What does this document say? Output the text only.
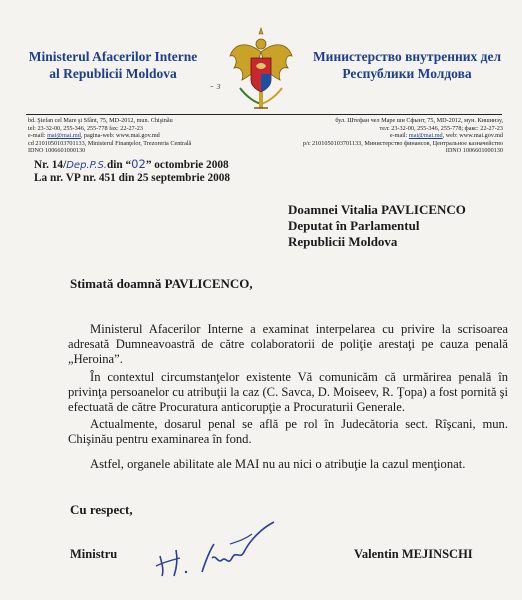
Ministerul Afacerilor Interne
al Republicii Moldova
- з
Министерство внутренних дел
Республики Молдова
bd. Ştefan cel Mare şi Sfânt, 75, MD-2012, mun. Chişinău
tel: 23-32-00, 255-346, 255-778 fax: 22-27-23
e-mail: mai@mai.md, pagina-web: www.mai.gov.md
cd 2101050103701133, Ministerul Finanţelor, Trezoreria Centrală
IDNO 1006601000130
бул. Штефан чел Маре шн Сфынт, 75, MD-2012, мун. Кишинэу,
тел: 23-32-00, 255-346, 255-778; факс: 22-27-23
e-mail: mai@mai.md, web: www.mai.gov.md
р/с 2101050103701133, Министерство финансов, Центральное казначейство
IDNO 1006601000130
Nr. 14/Dep.P.S.din “02” octombrie 2008
La nr. VP nr. 451 din 25 septembrie 2008
Doamnei Vitalia PAVLICENCO
Deputat în Parlamentul
Republicii Moldova
Stimată doamnă PAVLICENCO,
Ministerul Afacerilor Interne a examinat interpelarea cu privire la scrisoarea adresată Dumneavoastră de către colaboratorii de poliţie arestaţi pe cauza penală „Heroina”.
În contextul circumstanţelor existente Vă comunicăm că urmărirea penală în privinţa persoanelor cu atribuţii la caz (C. Savca, D. Moiseev, R. Ţopa) a fost pornită şi efectuată de către Procuratura anticorupţie a Procuraturii Generale.
Actualmente, dosarul penal se află pe rol în Judecătoria sect. Rîşcani, mun. Chişinău pentru examinarea în fond.
Astfel, organele abilitate ale MAI nu au nici o atribuţie la cazul menţionat.
Cu respect,
Ministru	Valentin MEJINSCHI
